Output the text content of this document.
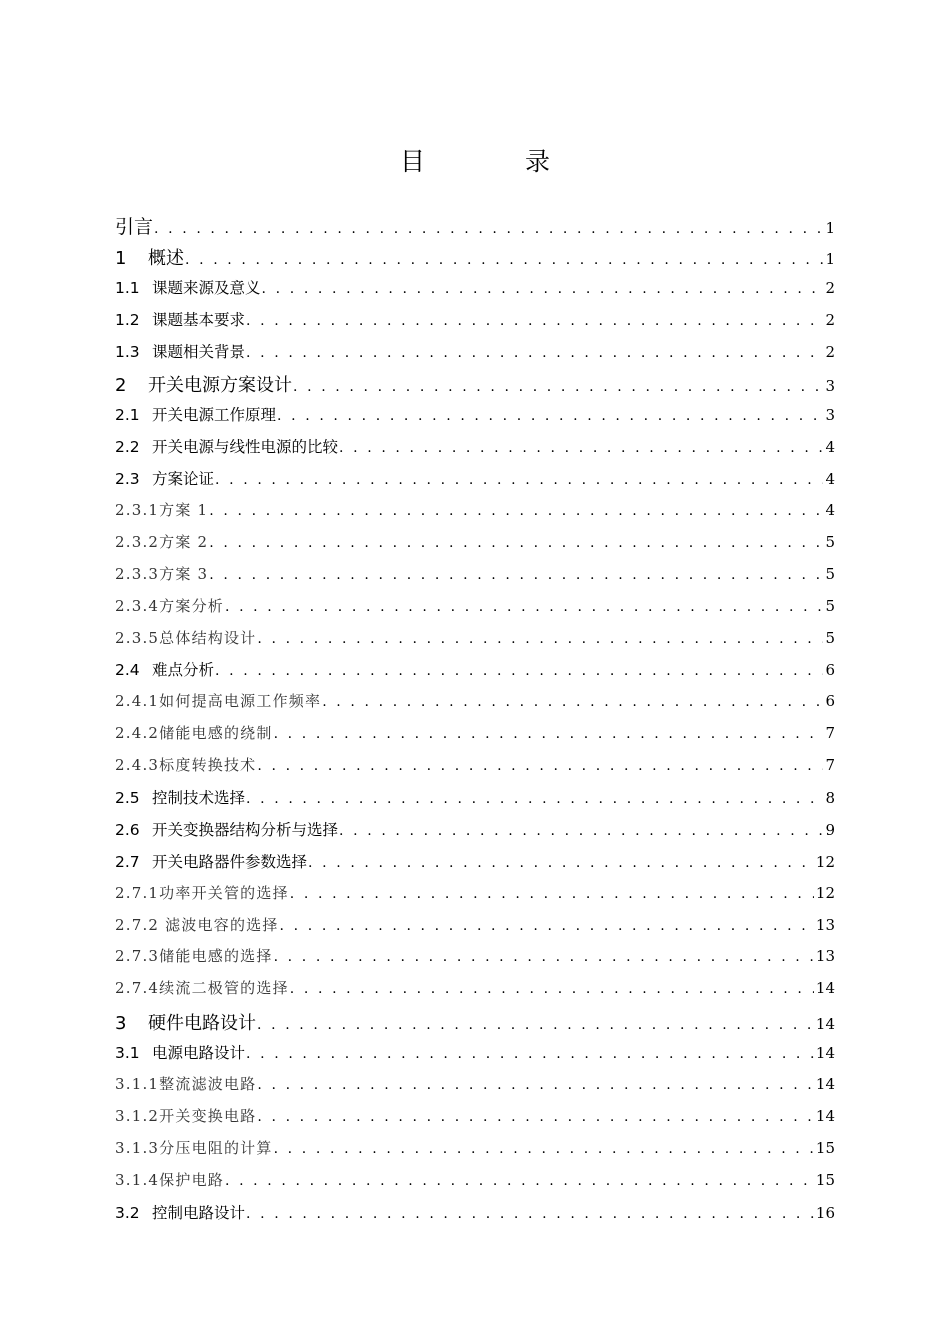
目 录
引言 . . .	1
1 概述 . . .	1
1.1 课题来源及意义 . . .	2
1.2 课题基本要求 . . .	2
1.3 课题相关背景 . . .	2
2 开关电源方案设计 . . .	3
2.1 开关电源工作原理 . . .	3
2.2 开关电源与线性电源的比较 . . .	4
2.3 方案论证 . . .	4
2.3.1方案 1 . . .	4
2.3.2方案 2 . . .	5
2.3.3方案 3 . . .	5
2.3.4方案分析 . . .	5
2.3.5总体结构设计 . . .	5
2.4 难点分析 . . .	6
2.4.1如何提高电源工作频率 . . .	6
2.4.2储能电感的绕制 . . .	7
2.4.3标度转换技术 . . .	7
2.5 控制技术选择 . . .	8
2.6 开关变换器结构分析与选择 . . .	9
2.7 开关电路器件参数选择 . . .	12
2.7.1功率开关管的选择 . . .	12
2.7.2 滤波电容的选择 . . .	13
2.7.3储能电感的选择 . . .	13
2.7.4续流二极管的选择 . . .	14
3 硬件电路设计 . . .	14
3.1 电源电路设计 . . .	14
3.1.1整流滤波电路 . . .	14
3.1.2开关变换电路 . . .	14
3.1.3分压电阻的计算 . . .	15
3.1.4保护电路 . . .	15
3.2 控制电路设计 . . .	16
